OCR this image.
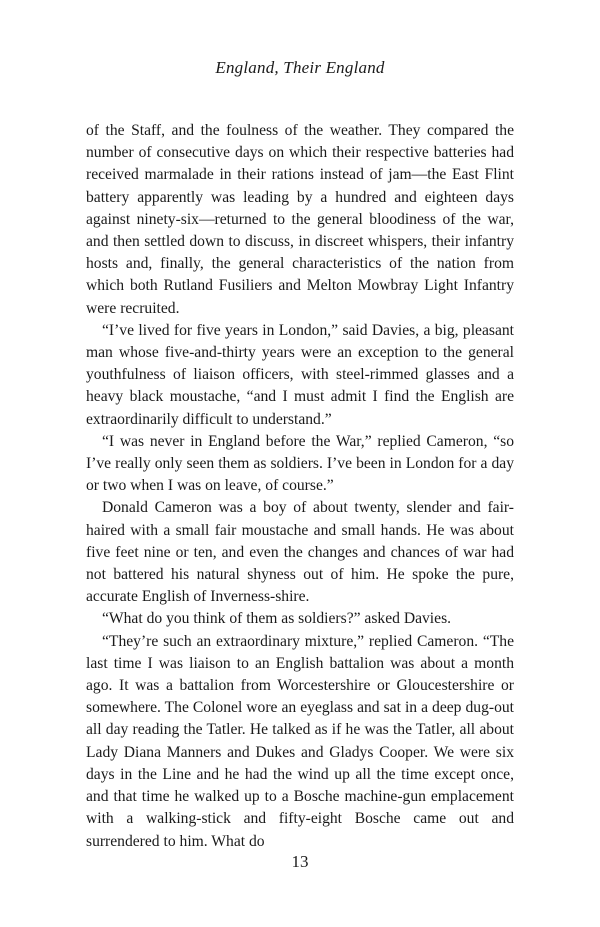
England, Their England

of the Staff, and the foulness of the weather. They compared the number of consecutive days on which their respective batteries had received marmalade in their rations instead of jam—the East Flint battery apparently was leading by a hundred and eighteen days against ninety-six—returned to the general bloodiness of the war, and then settled down to discuss, in discreet whispers, their infantry hosts and, finally, the general characteristics of the nation from which both Rutland Fusiliers and Melton Mowbray Light Infantry were recruited.

“I’ve lived for five years in London,” said Davies, a big, pleasant man whose five-and-thirty years were an exception to the general youthfulness of liaison officers, with steel-rimmed glasses and a heavy black moustache, “and I must admit I find the English are extraordinarily difficult to understand.”

“I was never in England before the War,” replied Cameron, “so I’ve really only seen them as soldiers. I’ve been in London for a day or two when I was on leave, of course.”

Donald Cameron was a boy of about twenty, slender and fair-haired with a small fair moustache and small hands. He was about five feet nine or ten, and even the changes and chances of war had not battered his natural shyness out of him. He spoke the pure, accurate English of Inverness-shire.

“What do you think of them as soldiers?” asked Davies.

“They’re such an extraordinary mixture,” replied Cameron. “The last time I was liaison to an English battalion was about a month ago. It was a battalion from Worcestershire or Gloucestershire or somewhere. The Colonel wore an eyeglass and sat in a deep dug-out all day reading the Tatler. He talked as if he was the Tatler, all about Lady Diana Manners and Dukes and Gladys Cooper. We were six days in the Line and he had the wind up all the time except once, and that time he walked up to a Bosche machine-gun emplacement with a walking-stick and fifty-eight Bosche came out and surrendered to him. What do

13
